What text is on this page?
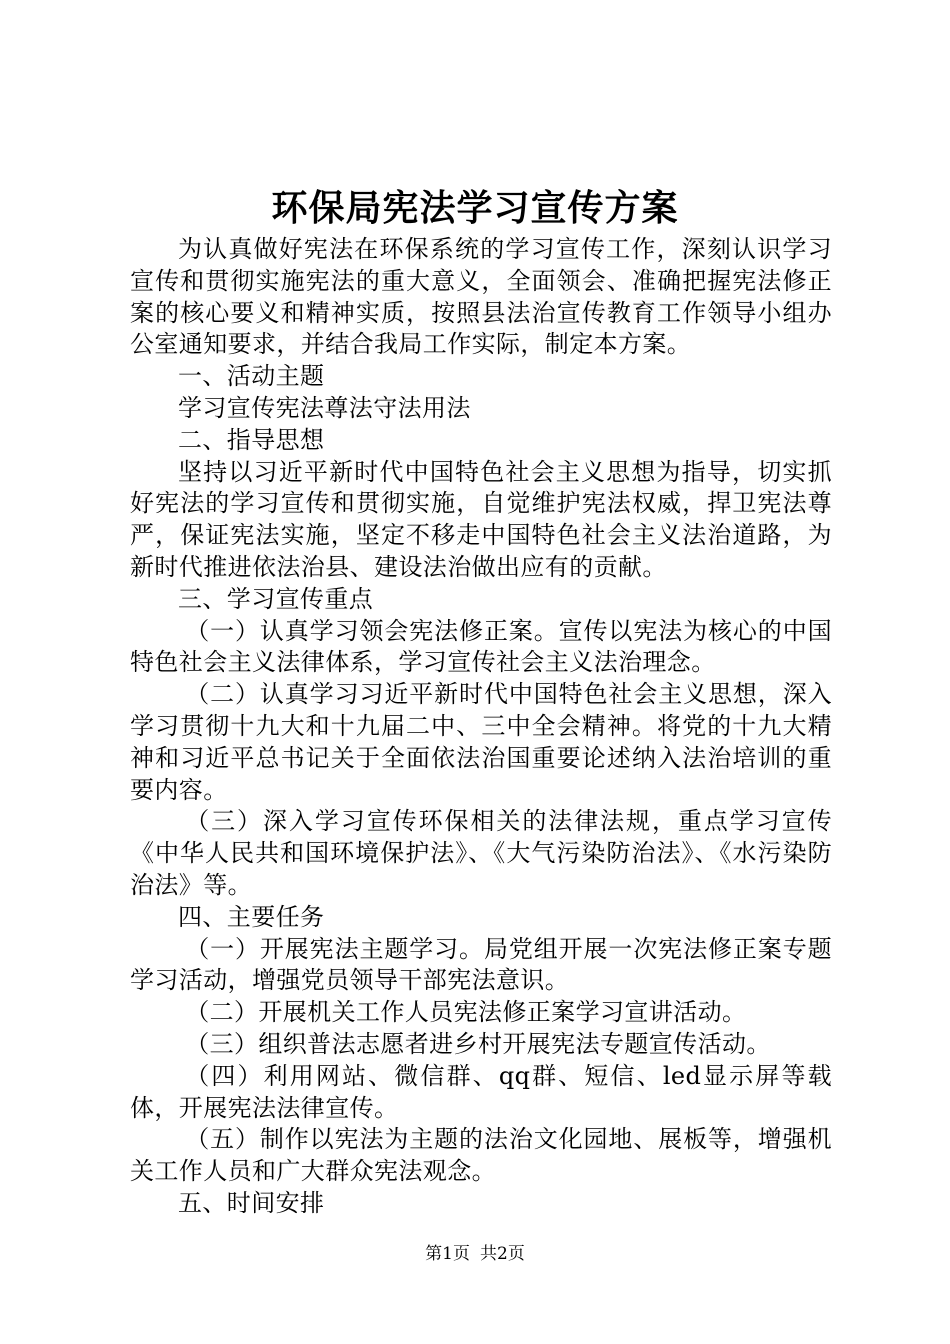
环保局宪法学习宣传方案

为认真做好宪法在环保系统的学习宣传工作，深刻认识学习宣传和贯彻实施宪法的重大意义，全面领会、准确把握宪法修正案的核心要义和精神实质，按照县法治宣传教育工作领导小组办公室通知要求，并结合我局工作实际，制定本方案。

一、活动主题

学习宣传宪法尊法守法用法

二、指导思想

坚持以习近平新时代中国特色社会主义思想为指导，切实抓好宪法的学习宣传和贯彻实施，自觉维护宪法权威，捍卫宪法尊严，保证宪法实施，坚定不移走中国特色社会主义法治道路，为新时代推进依法治县、建设法治做出应有的贡献。

三、学习宣传重点

（一）认真学习领会宪法修正案。宣传以宪法为核心的中国特色社会主义法律体系，学习宣传社会主义法治理念。

（二）认真学习习近平新时代中国特色社会主义思想，深入学习贯彻十九大和十九届二中、三中全会精神。将党的十九大精神和习近平总书记关于全面依法治国重要论述纳入法治培训的重要内容。

（三）深入学习宣传环保相关的法律法规，重点学习宣传《中华人民共和国环境保护法》、《大气污染防治法》、《水污染防治法》等。

四、主要任务

（一）开展宪法主题学习。局党组开展一次宪法修正案专题学习活动，增强党员领导干部宪法意识。

（二）开展机关工作人员宪法修正案学习宣讲活动。

（三）组织普法志愿者进乡村开展宪法专题宣传活动。

（四）利用网站、微信群、qq群、短信、led显示屏等载体，开展宪法法律宣传。

（五）制作以宪法为主题的法治文化园地、展板等，增强机关工作人员和广大群众宪法观念。

五、时间安排

第1页 共2页
